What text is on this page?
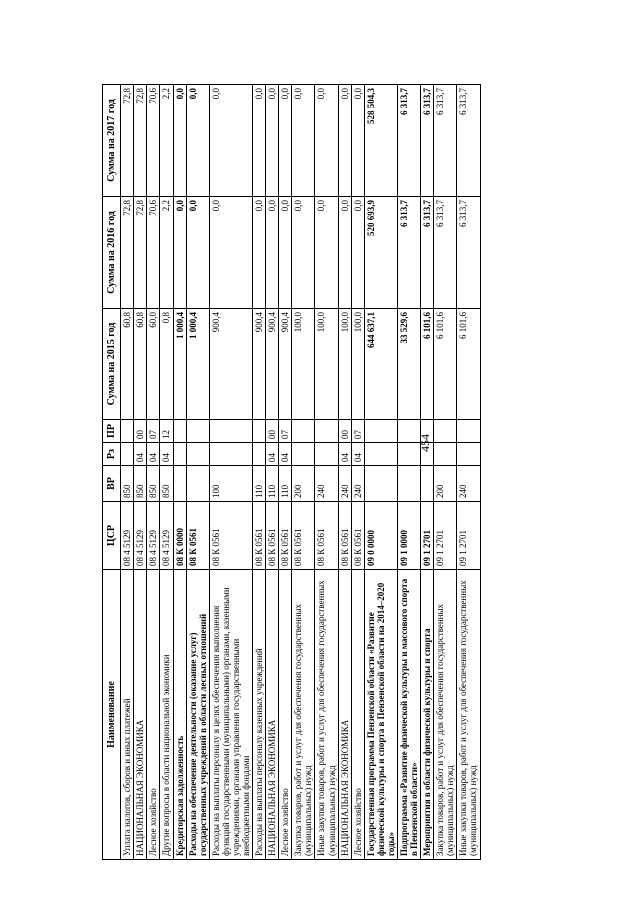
454
Наименование	ЦСР	ВР	Рз	ПР	Сумма на 2015 год	Сумма на 2016 год	Сумма на 2017 год
Уплата налогов, сборов и иных платежей	08 4 5129	850			60,8	72,8	72,8
НАЦИОНАЛЬНАЯ ЭКОНОМИКА	08 4 5129	850	04	00	60,8	72,8	72,8
Лесное хозяйство	08 4 5129	850	04	07	60,0	70,6	70,6
Другие вопросы в области национальной экономики	08 4 5129	850	04	12	0,8	2,2	2,2
Кредиторская задолженность	08 К 0000				1 000,4	0,0	0,0
Расходы на обеспечение деятельности (оказание услуг) государственных учреждений в области лесных отношений	08 К 0561				1 000,4	0,0	0,0
Расходы на выплаты персоналу в целях обеспечения выполнения функций государственными (муниципальными) органами, казенными учреждениями, органами управления государственными внебюджетными фондами	08 К 0561	100			900,4	0,0	0,0
Расходы на выплаты персоналу казенных учреждений	08 К 0561	110			900,4	0,0	0,0
НАЦИОНАЛЬНАЯ ЭКОНОМИКА	08 К 0561	110	04	00	900,4	0,0	0,0
Лесное хозяйство	08 К 0561	110	04	07	900,4	0,0	0,0
Закупка товаров, работ и услуг для обеспечения государственных (муниципальных) нужд	08 К 0561	200			100,0	0,0	0,0
Иные закупки товаров, работ и услуг для обеспечения государственных (муниципальных) нужд	08 К 0561	240			100,0	0,0	0,0
НАЦИОНАЛЬНАЯ ЭКОНОМИКА	08 К 0561	240	04	00	100,0	0,0	0,0
Лесное хозяйство	08 К 0561	240	04	07	100,0	0,0	0,0
Государственная программа Пензенской области «Развитие физической культуры и спорта в Пензенской области на 2014–2020 годы»	09 0 0000				644 637,1	520 693,9	528 504,3
Подпрограмма «Развитие физической культуры и массового спорта в Пензенской области»	09 1 0000				33 529,6	6 313,7	6 313,7
Мероприятия в области физической культуры и спорта	09 1 2701				6 101,6	6 313,7	6 313,7
Закупка товаров, работ и услуг для обеспечения государственных (муниципальных) нужд	09 1 2701	200			6 101,6	6 313,7	6 313,7
Иные закупки товаров, работ и услуг для обеспечения государственных (муниципальных) нужд	09 1 2701	240			6 101,6	6 313,7	6 313,7
